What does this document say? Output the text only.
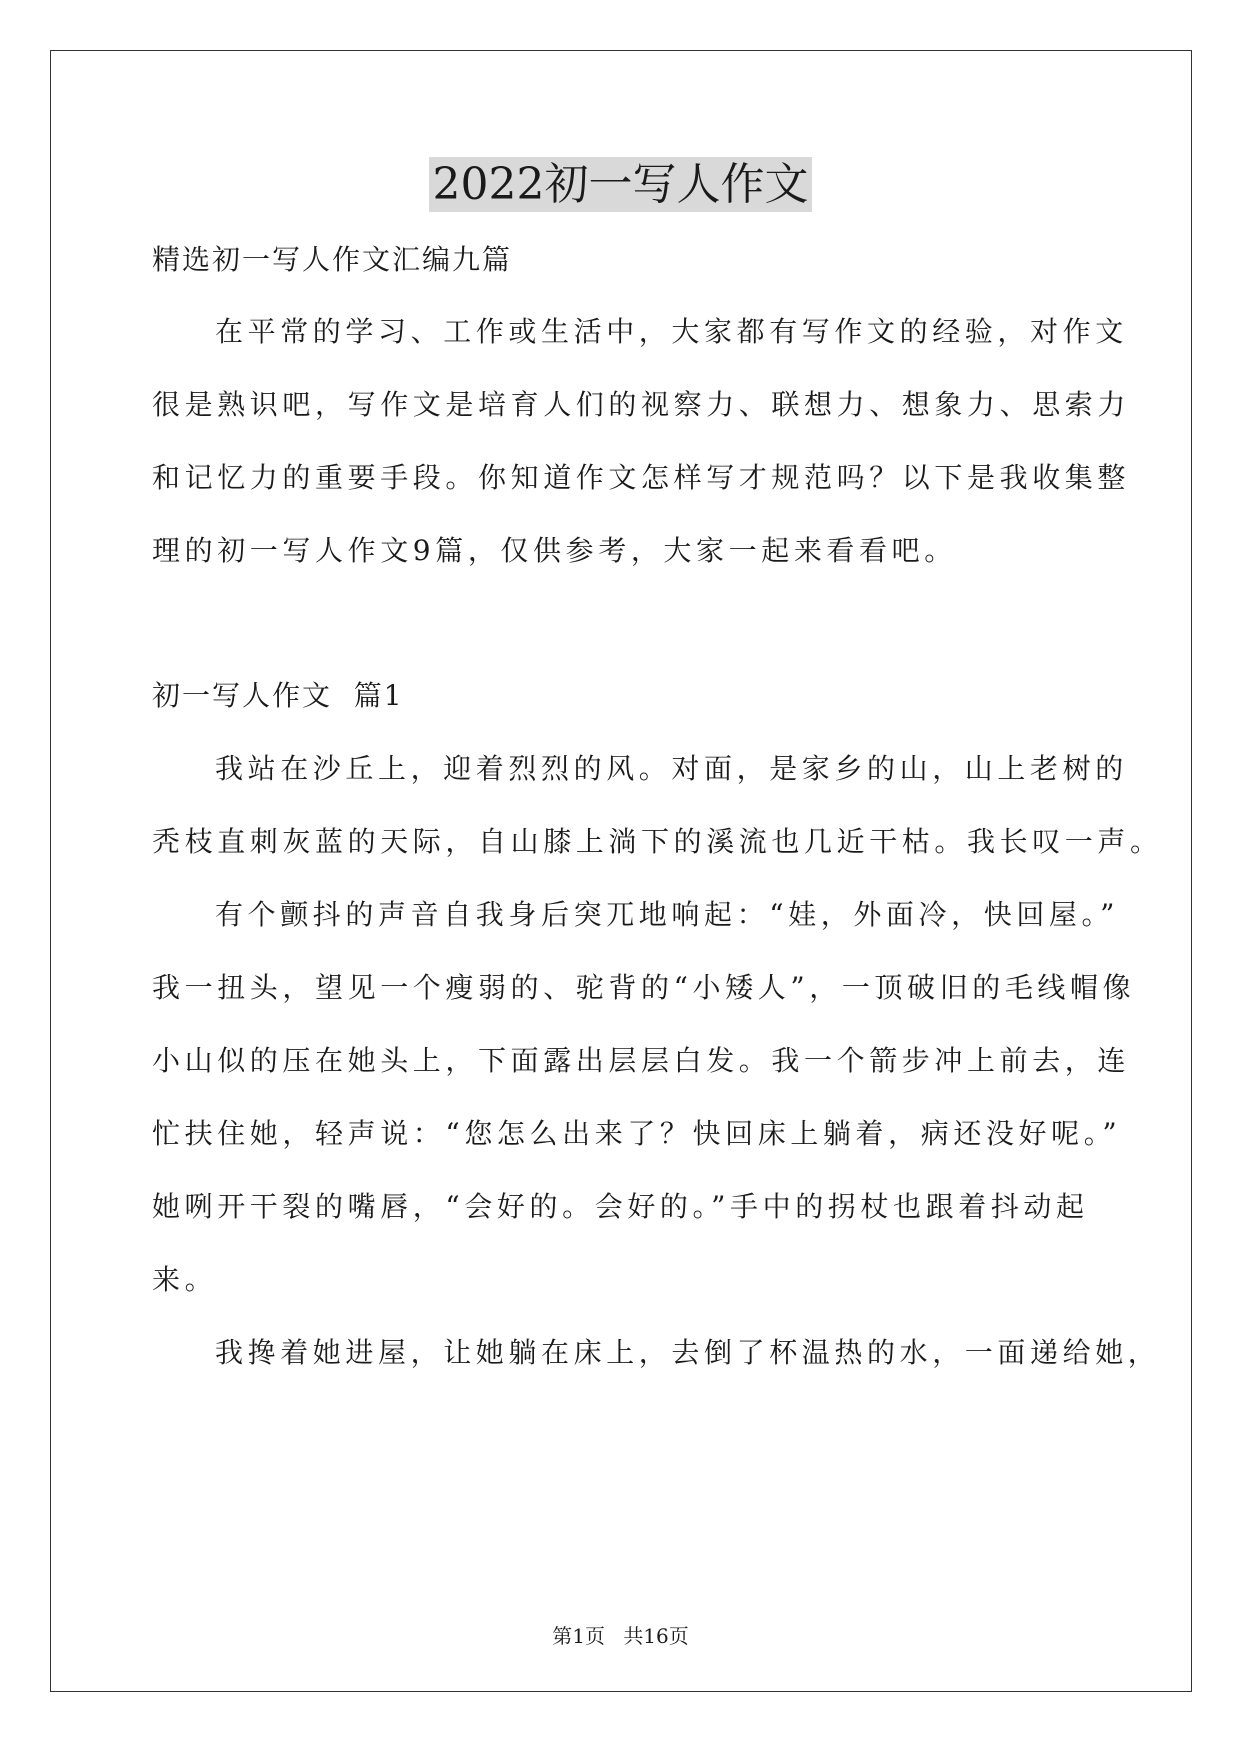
2022初一写人作文
精选初一写人作文汇编九篇
在平常的学习、工作或生活中，大家都有写作文的经验，对作文
很是熟识吧，写作文是培育人们的视察力、联想力、想象力、思索力
和记忆力的重要手段。你知道作文怎样写才规范吗？以下是我收集整
理的初一写人作文9篇，仅供参考，大家一起来看看吧。
初一写人作文  篇1
我站在沙丘上，迎着烈烈的风。对面，是家乡的山，山上老树的
秃枝直刺灰蓝的天际，自山膝上淌下的溪流也几近干枯。我长叹一声。
有个颤抖的声音自我身后突兀地响起：“娃，外面冷，快回屋。”
我一扭头，望见一个瘦弱的、驼背的“小矮人”，一顶破旧的毛线帽像
小山似的压在她头上，下面露出层层白发。我一个箭步冲上前去，连
忙扶住她，轻声说：“您怎么出来了？快回床上躺着，病还没好呢。”
她咧开干裂的嘴唇，“会好的。会好的。”手中的拐杖也跟着抖动起
来。
我搀着她进屋，让她躺在床上，去倒了杯温热的水，一面递给她，
第1页 共16页
